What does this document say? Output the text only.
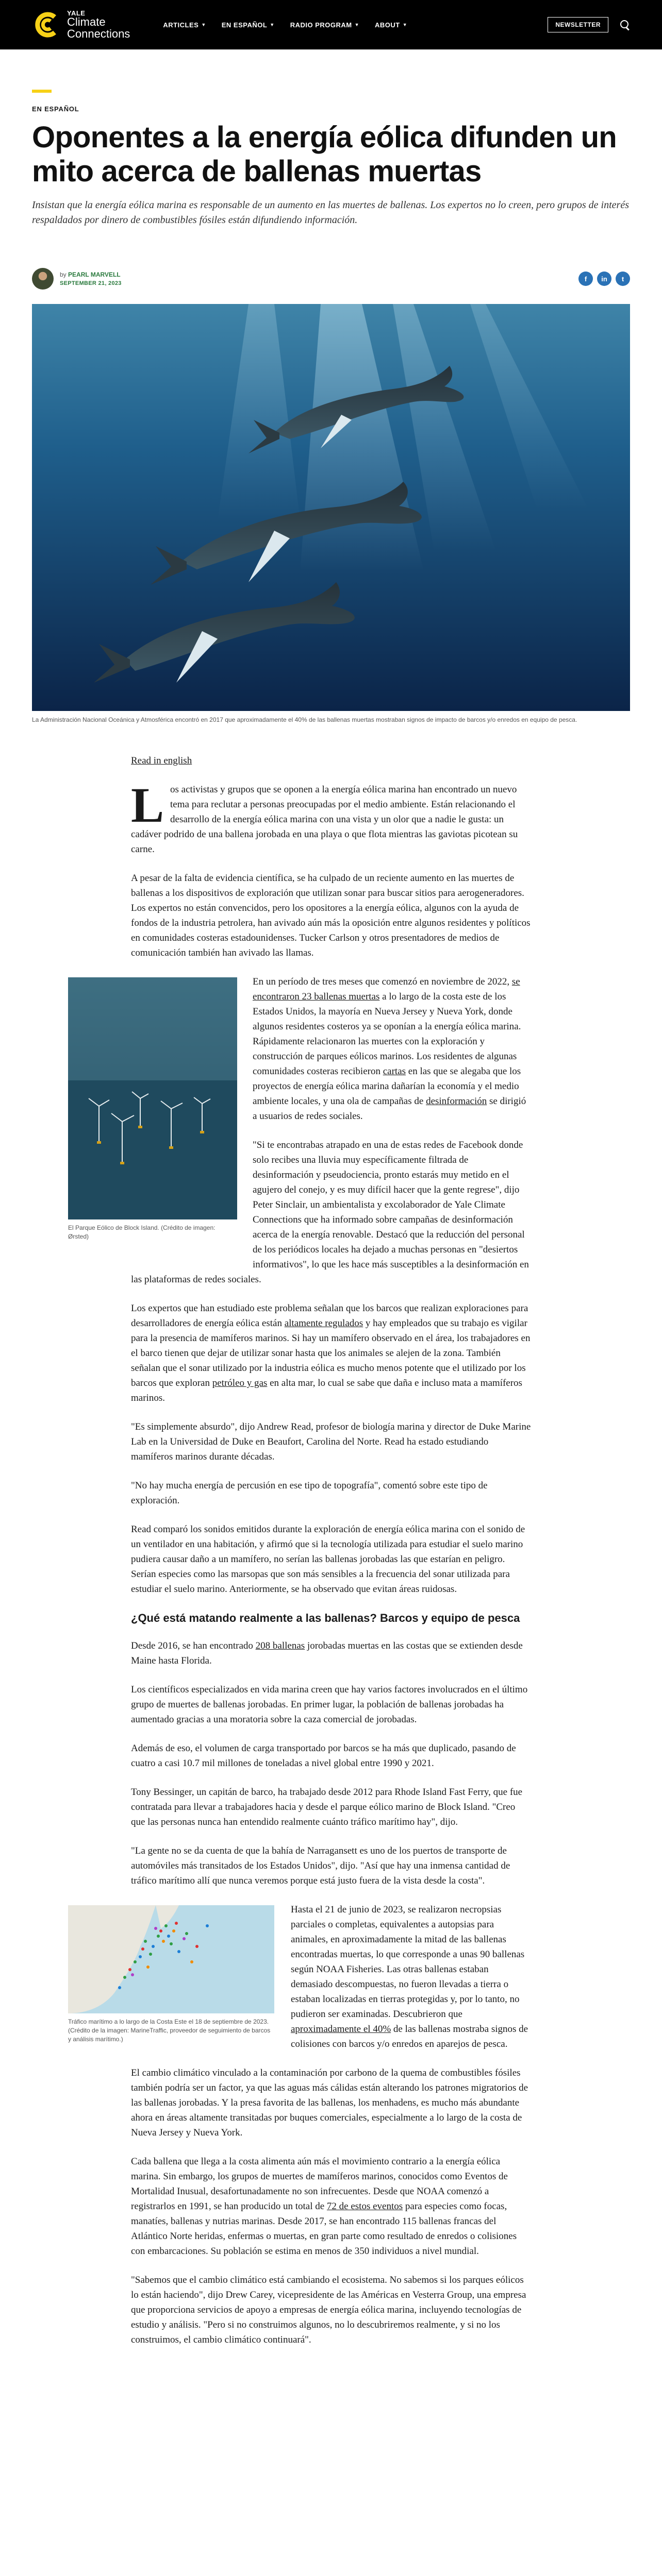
YALE
Climate
Connections
ARTICLES ▼ EN ESPAÑOL ▼ RADIO PROGRAM ▼ ABOUT ▼	NEWSLETTER
EN ESPAÑOL
Oponentes a la energía eólica difunden un mito acerca de ballenas muertas

Insistan que la energía eólica marina es responsable de un aumento en las muertes de ballenas. Los expertos no lo creen, pero grupos de interés respaldados por dinero de combustibles fósiles están difundiendo información.

by PEARL MARVELL
SEPTEMBER 21, 2023
f	in	t

La Administración Nacional Oceánica y Atmosférica encontró en 2017 que aproximadamente el 40% de las ballenas muertas mostraban signos de impacto de barcos y/o enredos en equipo de pesca.

Read in english

Los activistas y grupos que se oponen a la energía eólica marina han encontrado un nuevo tema para reclutar a personas preocupadas por el medio ambiente. Están relacionando el desarrollo de la energía eólica marina con una vista y un olor que a nadie le gusta: un cadáver podrido de una ballena jorobada en una playa o que flota mientras las gaviotas picotean su carne.

A pesar de la falta de evidencia científica, se ha culpado de un reciente aumento en las muertes de ballenas a los dispositivos de exploración que utilizan sonar para buscar sitios para aerogeneradores. Los expertos no están convencidos, pero los opositores a la energía eólica, algunos con la ayuda de fondos de la industria petrolera, han avivado aún más la oposición entre algunos residentes y políticos en comunidades costeras estadounidenses. Tucker Carlson y otros presentadores de medios de comunicación también han avivado las llamas.

El Parque Eólico de Block Island. (Crédito de imagen: Ørsted)

En un período de tres meses que comenzó en noviembre de 2022, se encontraron 23 ballenas muertas a lo largo de la costa este de los Estados Unidos, la mayoría en Nueva Jersey y Nueva York, donde algunos residentes costeros ya se oponían a la energía eólica marina. Rápidamente relacionaron las muertes con la exploración y construcción de parques eólicos marinos. Los residentes de algunas comunidades costeras recibieron cartas en las que se alegaba que los proyectos de energía eólica marina dañarían la economía y el medio ambiente locales, y una ola de campañas de desinformación se dirigió a usuarios de redes sociales.

"Si te encontrabas atrapado en una de estas redes de Facebook donde solo recibes una lluvia muy específicamente filtrada de desinformación y pseudociencia, pronto estarás muy metido en el agujero del conejo, y es muy difícil hacer que la gente regrese", dijo Peter Sinclair, un ambientalista y excolaborador de Yale Climate Connections que ha informado sobre campañas de desinformación acerca de la energía renovable. Destacó que la reducción del personal de los periódicos locales ha dejado a muchas personas en "desiertos informativos", lo que les hace más susceptibles a la desinformación en las plataformas de redes sociales.

Los expertos que han estudiado este problema señalan que los barcos que realizan exploraciones para desarrolladores de energía eólica están altamente regulados y hay empleados que su trabajo es vigilar para la presencia de mamíferos marinos. Si hay un mamífero observado en el área, los trabajadores en el barco tienen que dejar de utilizar sonar hasta que los animales se alejen de la zona. También señalan que el sonar utilizado por la industria eólica es mucho menos potente que el utilizado por los barcos que exploran petróleo y gas en alta mar, lo cual se sabe que daña e incluso mata a mamíferos marinos.

"Es simplemente absurdo", dijo Andrew Read, profesor de biología marina y director de Duke Marine Lab en la Universidad de Duke en Beaufort, Carolina del Norte. Read ha estado estudiando mamíferos marinos durante décadas.

"No hay mucha energía de percusión en ese tipo de topografía", comentó sobre este tipo de exploración.

Read comparó los sonidos emitidos durante la exploración de energía eólica marina con el sonido de un ventilador en una habitación, y afirmó que si la tecnología utilizada para estudiar el suelo marino pudiera causar daño a un mamífero, no serían las ballenas jorobadas las que estarían en peligro. Serían especies como las marsopas que son más sensibles a la frecuencia del sonar utilizada para estudiar el suelo marino. Anteriormente, se ha observado que evitan áreas ruidosas.

¿Qué está matando realmente a las ballenas? Barcos y equipo de pesca

Desde 2016, se han encontrado 208 ballenas jorobadas muertas en las costas que se extienden desde Maine hasta Florida.

Los científicos especializados en vida marina creen que hay varios factores involucrados en el último grupo de muertes de ballenas jorobadas. En primer lugar, la población de ballenas jorobadas ha aumentado gracias a una moratoria sobre la caza comercial de jorobadas.

Además de eso, el volumen de carga transportado por barcos se ha más que duplicado, pasando de cuatro a casi 10.7 mil millones de toneladas a nivel global entre 1990 y 2021.

Tony Bessinger, un capitán de barco, ha trabajado desde 2012 para Rhode Island Fast Ferry, que fue contratada para llevar a trabajadores hacia y desde el parque eólico marino de Block Island. "Creo que las personas nunca han entendido realmente cuánto tráfico marítimo hay", dijo.

"La gente no se da cuenta de que la bahía de Narragansett es uno de los puertos de transporte de automóviles más transitados de los Estados Unidos", dijo. "Así que hay una inmensa cantidad de tráfico marítimo allí que nunca veremos porque está justo fuera de la vista desde la costa".

Tráfico marítimo a lo largo de la Costa Este el 18 de septiembre de 2023. (Crédito de la imagen: MarineTraffic, proveedor de seguimiento de barcos y análisis marítimo.)

Hasta el 21 de junio de 2023, se realizaron necropsias parciales o completas, equivalentes a autopsias para animales, en aproximadamente la mitad de las ballenas encontradas muertas, lo que corresponde a unas 90 ballenas según NOAA Fisheries. Las otras ballenas estaban demasiado descompuestas, no fueron llevadas a tierra o estaban localizadas en tierras protegidas y, por lo tanto, no pudieron ser examinadas. Descubrieron que aproximadamente el 40% de las ballenas mostraba signos de colisiones con barcos y/o enredos en aparejos de pesca.

El cambio climático vinculado a la contaminación por carbono de la quema de combustibles fósiles también podría ser un factor, ya que las aguas más cálidas están alterando los patrones migratorios de las ballenas jorobadas. Y la presa favorita de las ballenas, los menhadens, es mucho más abundante ahora en áreas altamente transitadas por buques comerciales, especialmente a lo largo de la costa de Nueva Jersey y Nueva York.

Cada ballena que llega a la costa alimenta aún más el movimiento contrario a la energía eólica marina. Sin embargo, los grupos de muertes de mamíferos marinos, conocidos como Eventos de Mortalidad Inusual, desafortunadamente no son infrecuentes. Desde que NOAA comenzó a registrarlos en 1991, se han producido un total de 72 de estos eventos para especies como focas, manatíes, ballenas y nutrias marinas. Desde 2017, se han encontrado 115 ballenas francas del Atlántico Norte heridas, enfermas o muertas, en gran parte como resultado de enredos o colisiones con embarcaciones. Su población se estima en menos de 350 individuos a nivel mundial.

"Sabemos que el cambio climático está cambiando el ecosistema. No sabemos si los parques eólicos lo están haciendo", dijo Drew Carey, vicepresidente de las Américas en Vesterra Group, una empresa que proporciona servicios de apoyo a empresas de energía eólica marina, incluyendo tecnologías de estudio y análisis. "Pero si no construimos algunos, no lo descubriremos realmente, y si no los construimos, el cambio climático continuará".
